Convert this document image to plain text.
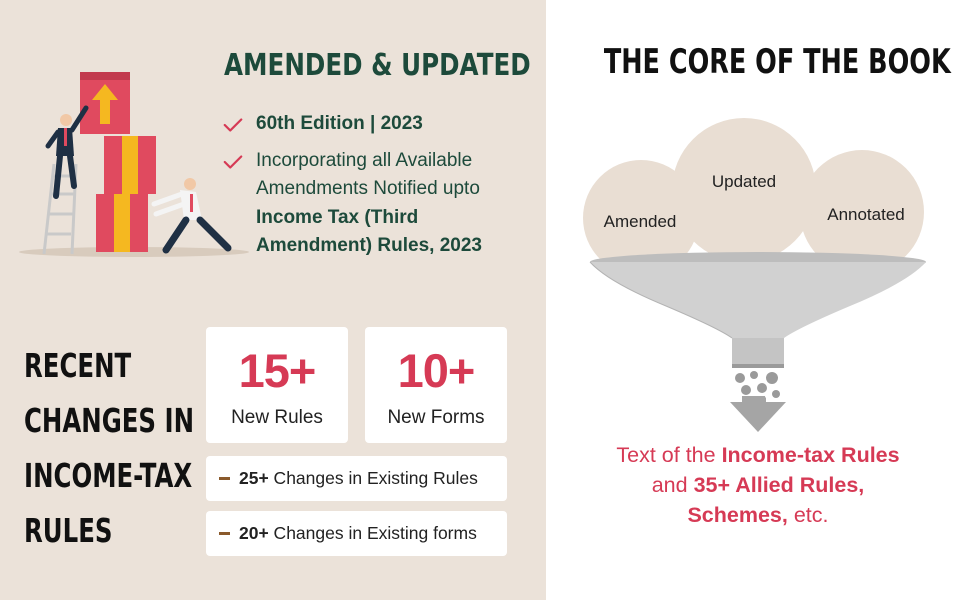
AMENDED & UPDATED
60th Edition | 2023
Incorporating all Available Amendments Notified upto Income Tax (Third Amendment) Rules, 2023
RECENT
CHANGES IN
INCOME-TAX
RULES
15+
New Rules
10+
New Forms
25+ Changes in Existing Rules
20+ Changes in Existing forms
THE CORE OF THE BOOK
Amended
Updated
Annotated
Text of the Income-tax Rules
and 35+ Allied Rules,
Schemes, etc.
